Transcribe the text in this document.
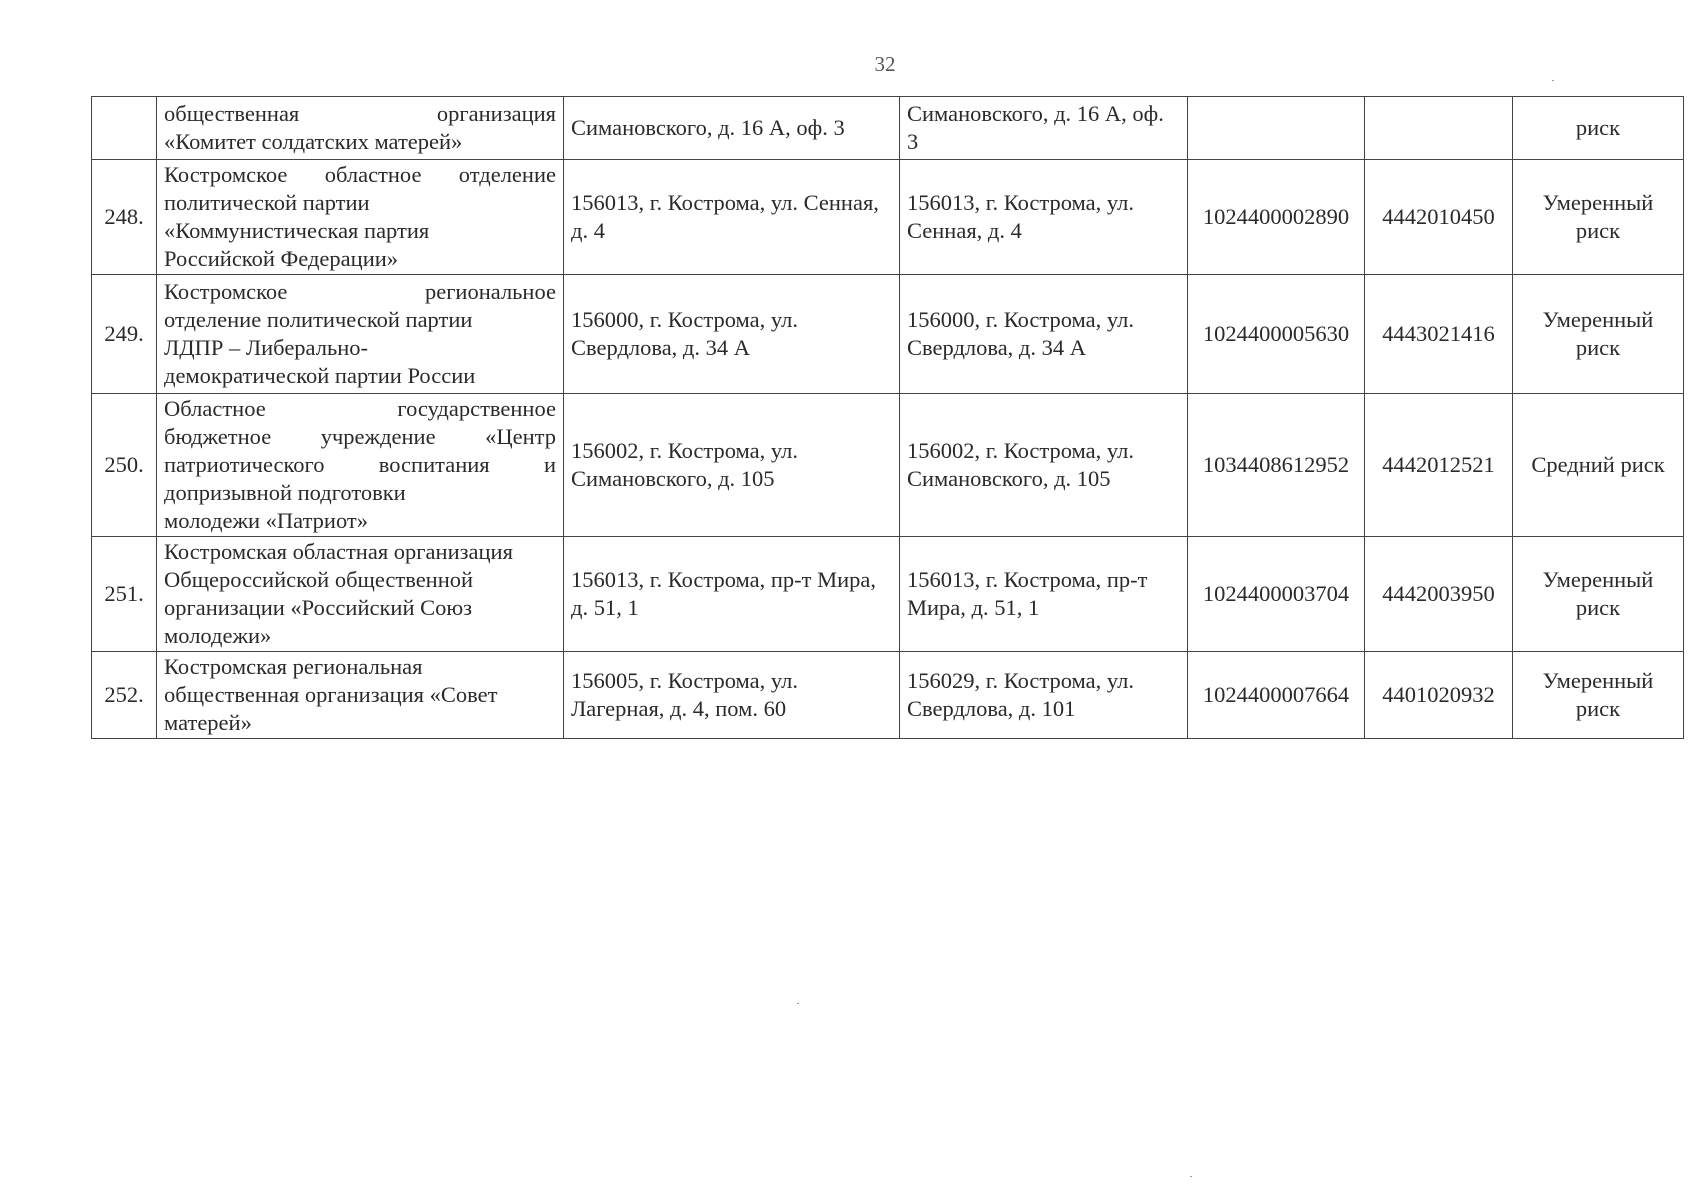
32

	общественная организация
«Комитет солдатских матерей»	Симановского, д. 16 А, оф. 3	Симановского, д. 16 А, оф. 3			риск
248.	Костромское областное отделение
политической партии
«Коммунистическая партия
Российской Федерации»	156013, г. Кострома, ул. Сенная, д. 4	156013, г. Кострома, ул. Сенная, д. 4	1024400002890	4442010450	Умеренный риск
249.	Костромское региональное
отделение политической партии
ЛДПР – Либерально-
демократической партии России	156000, г. Кострома, ул. Свердлова, д. 34 А	156000, г. Кострома, ул. Свердлова, д. 34 А	1024400005630	4443021416	Умеренный риск
250.	Областное государственное
бюджетное учреждение «Центр
патриотического воспитания и
допризывной подготовки
молодежи «Патриот»	156002, г. Кострома, ул. Симановского, д. 105	156002, г. Кострома, ул. Симановского, д. 105	1034408612952	4442012521	Средний риск
251.	Костромская областная организация
Общероссийской общественной
организации «Российский Союз
молодежи»	156013, г. Кострома, пр-т Мира, д. 51, 1	156013, г. Кострома, пр-т Мира, д. 51, 1	1024400003704	4442003950	Умеренный риск
252.	Костромская региональная
общественная организация «Совет
матерей»	156005, г. Кострома, ул. Лагерная, д. 4, пом. 60	156029, г. Кострома, ул. Свердлова, д. 101	1024400007664	4401020932	Умеренный риск
